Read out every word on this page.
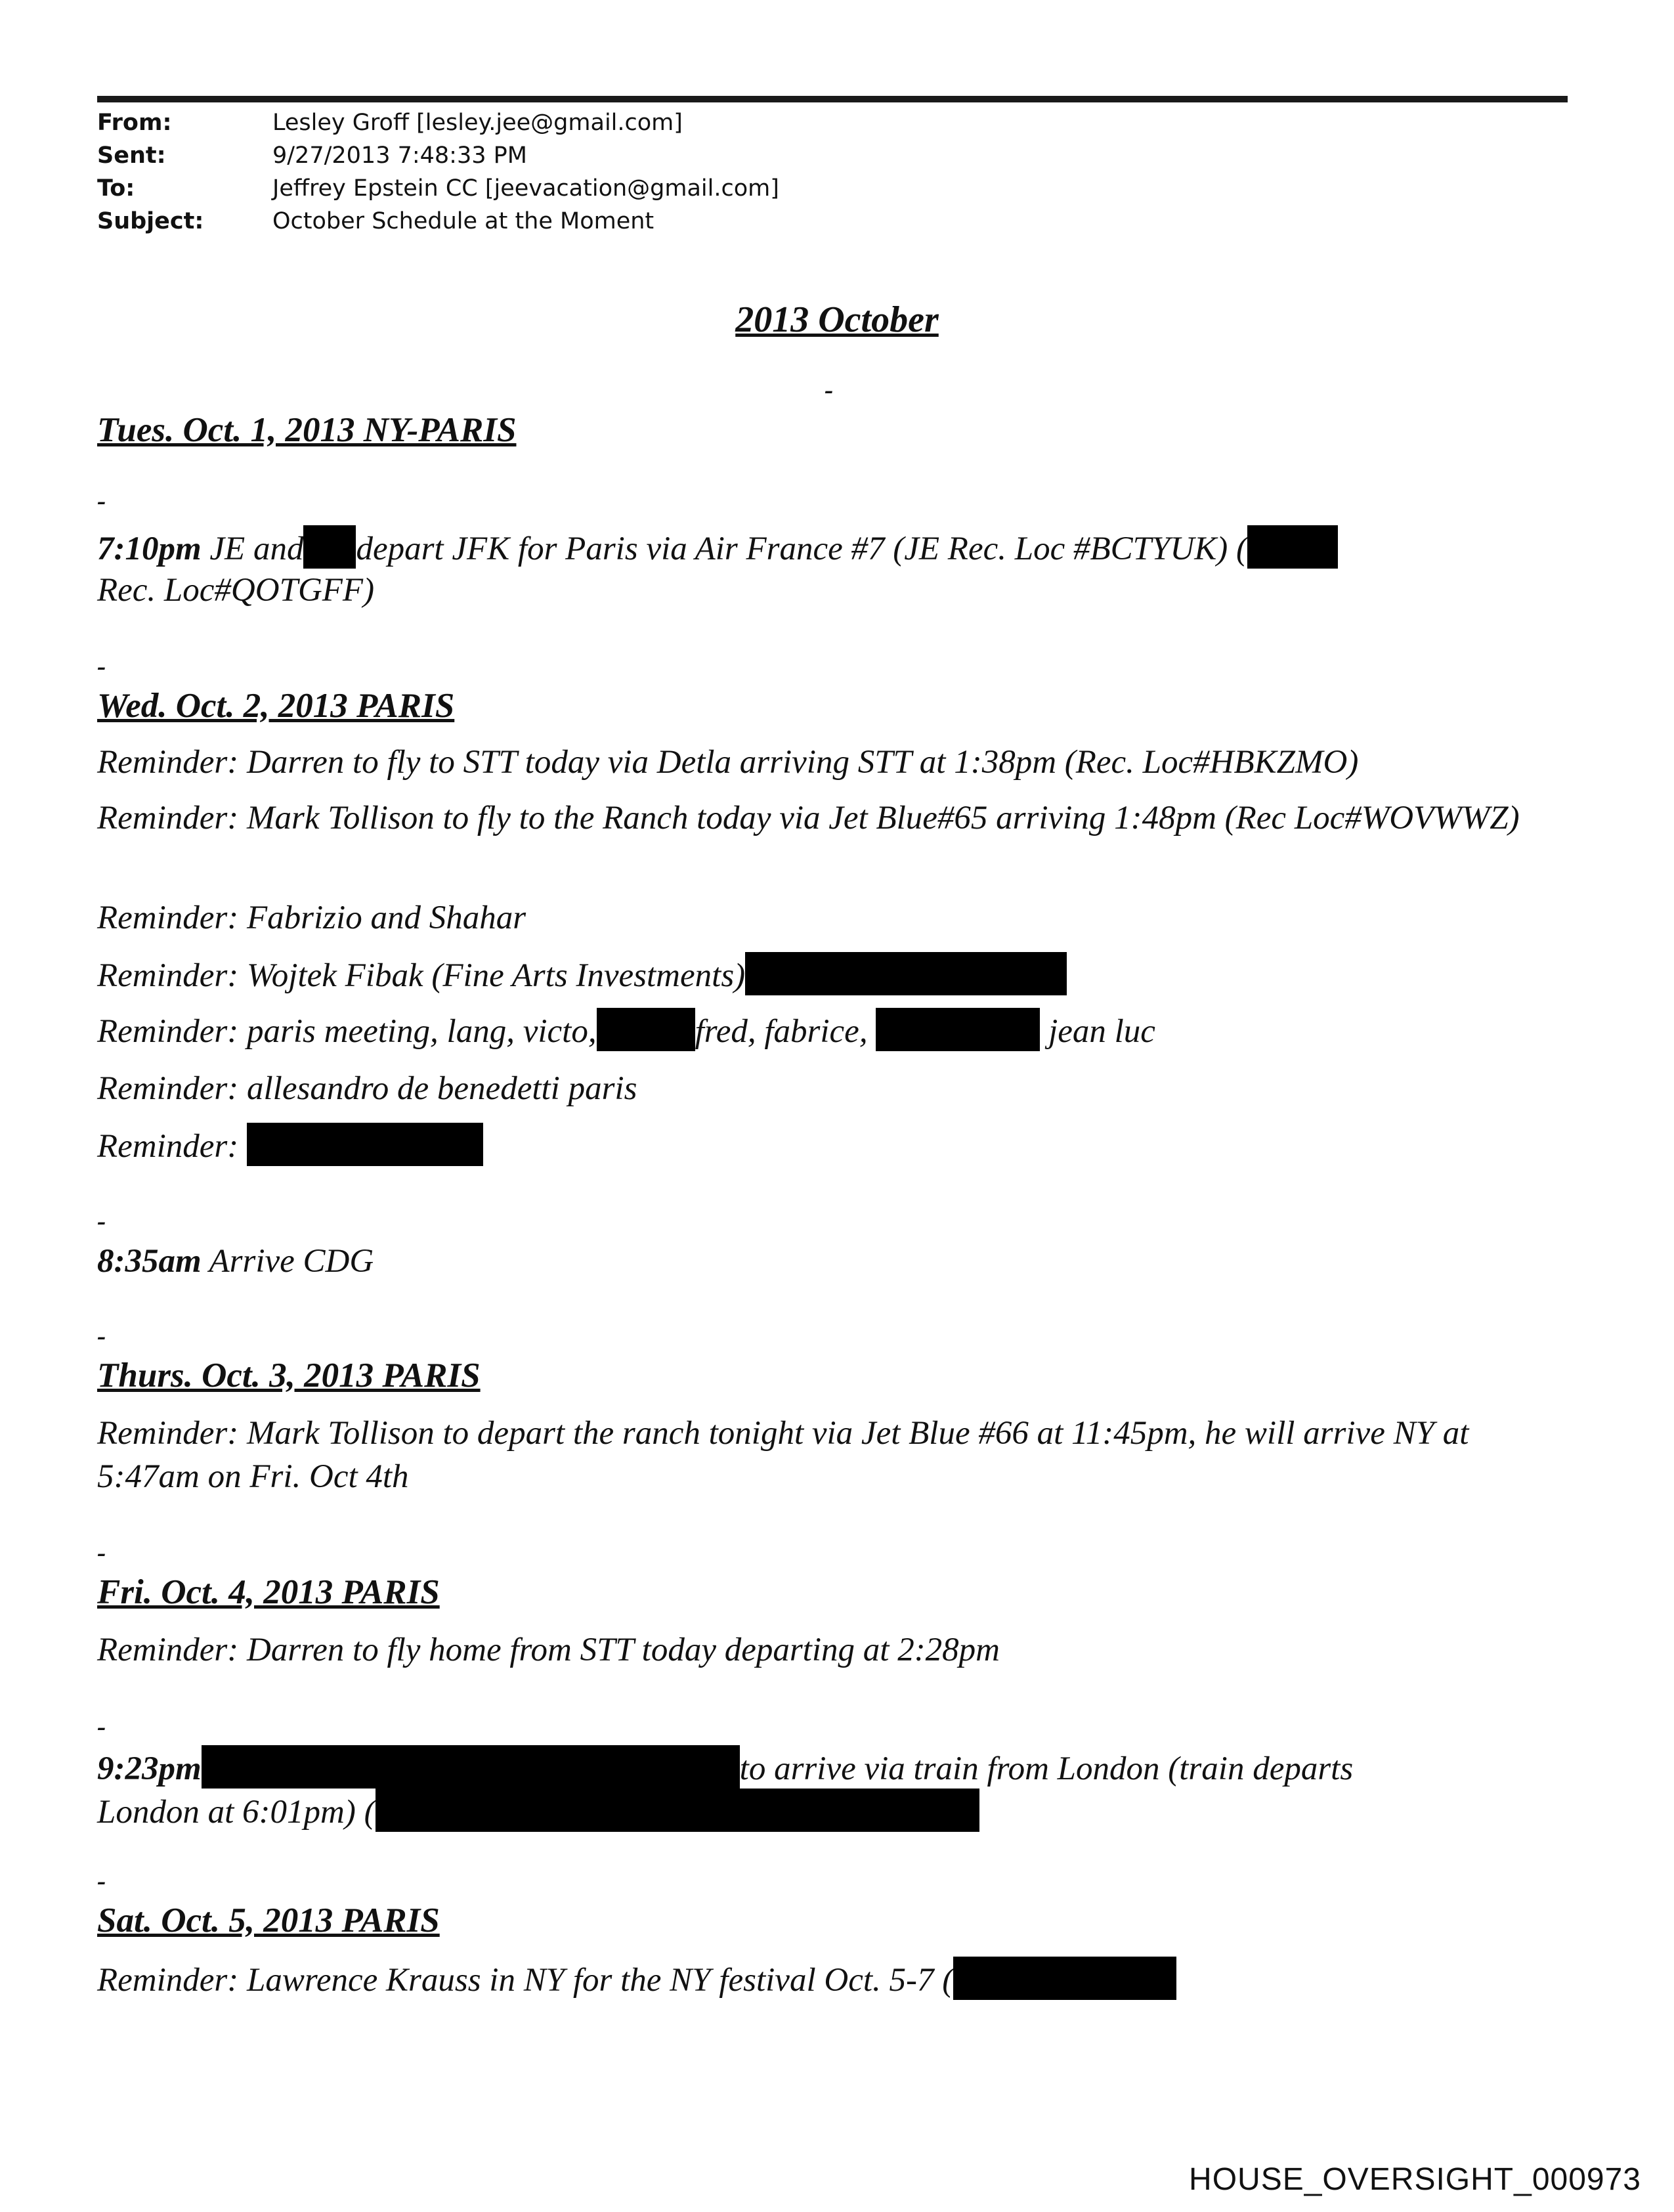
From:	Lesley Groff [lesley.jee@gmail.com]
Sent:	9/27/2013 7:48:33 PM
To:	Jeffrey Epstein CC [jeevacation@gmail.com]
Subject:	October Schedule at the Moment
2013 October
-
Tues. Oct. 1, 2013 NY-PARIS
-
7:10pm JE and depart JFK for Paris via Air France #7 (JE Rec. Loc #BCTYUK) (
Rec. Loc#QOTGFF)
-
Wed. Oct. 2, 2013 PARIS
Reminder: Darren to fly to STT today via Detla arriving STT at 1:38pm (Rec. Loc#HBKZMO)
Reminder: Mark Tollison to fly to the Ranch today via Jet Blue#65 arriving 1:48pm (Rec Loc#WOVWWZ)
Reminder: Fabrizio and Shahar
Reminder: Wojtek Fibak (Fine Arts Investments)
Reminder: paris meeting, lang, victo,	fred, fabrice,	jean luc
Reminder: allesandro de benedetti paris
Reminder:
-
8:35am Arrive CDG
-
Thurs. Oct. 3, 2013 PARIS
Reminder: Mark Tollison to depart the ranch tonight via Jet Blue #66 at 11:45pm, he will arrive NY at 5:47am on Fri. Oct 4th
-
Fri. Oct. 4, 2013 PARIS
Reminder: Darren to fly home from STT today departing at 2:28pm
-
9:23pm	to arrive via train from London (train departs
London at 6:01pm) (
-
Sat. Oct. 5, 2013 PARIS
Reminder: Lawrence Krauss in NY for the NY festival Oct. 5-7 (
HOUSE_OVERSIGHT_000973
